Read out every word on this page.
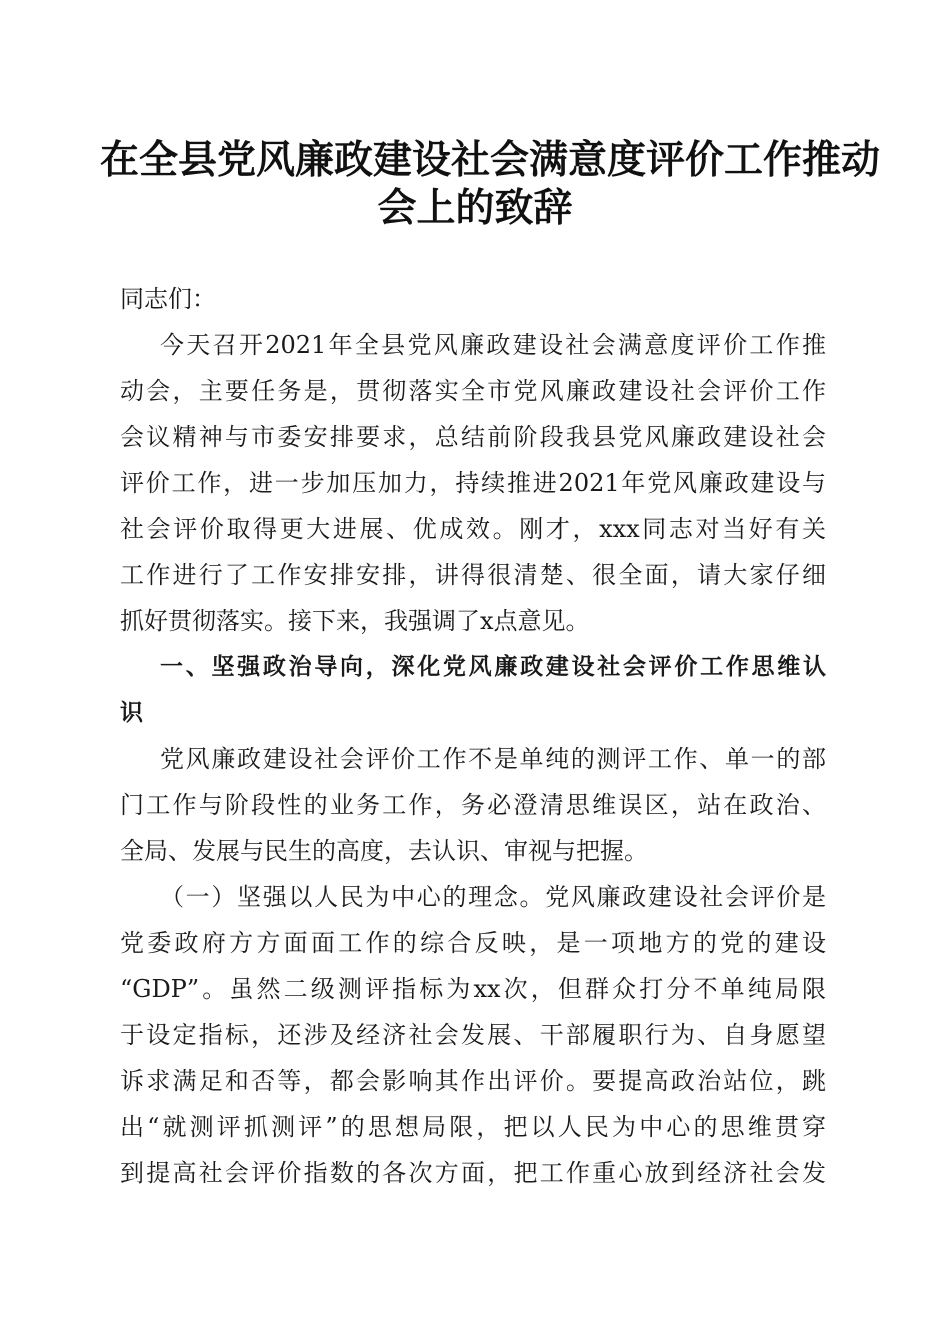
在全县党风廉政建设社会满意度评价工作推动
会上的致辞
同志们：
今天召开2021年全县党风廉政建设社会满意度评价工作推
动会，主要任务是，贯彻落实全市党风廉政建设社会评价工作
会议精神与市委安排要求，总结前阶段我县党风廉政建设社会
评价工作，进一步加压加力，持续推进2021年党风廉政建设与
社会评价取得更大进展、优成效。刚才，xxx同志对当好有关
工作进行了工作安排安排，讲得很清楚、很全面，请大家仔细
抓好贯彻落实。接下来，我强调了x点意见。
一、坚强政治导向，深化党风廉政建设社会评价工作思维认
识
党风廉政建设社会评价工作不是单纯的测评工作、单一的部
门工作与阶段性的业务工作，务必澄清思维误区，站在政治、
全局、发展与民生的高度，去认识、审视与把握。
（一）坚强以人民为中心的理念。党风廉政建设社会评价是
党委政府方方面面工作的综合反映，是一项地方的党的建设
“GDP”。虽然二级测评指标为xx次，但群众打分不单纯局限
于设定指标，还涉及经济社会发展、干部履职行为、自身愿望
诉求满足和否等，都会影响其作出评价。要提高政治站位，跳
出“就测评抓测评”的思想局限，把以人民为中心的思维贯穿
到提高社会评价指数的各次方面，把工作重心放到经济社会发
